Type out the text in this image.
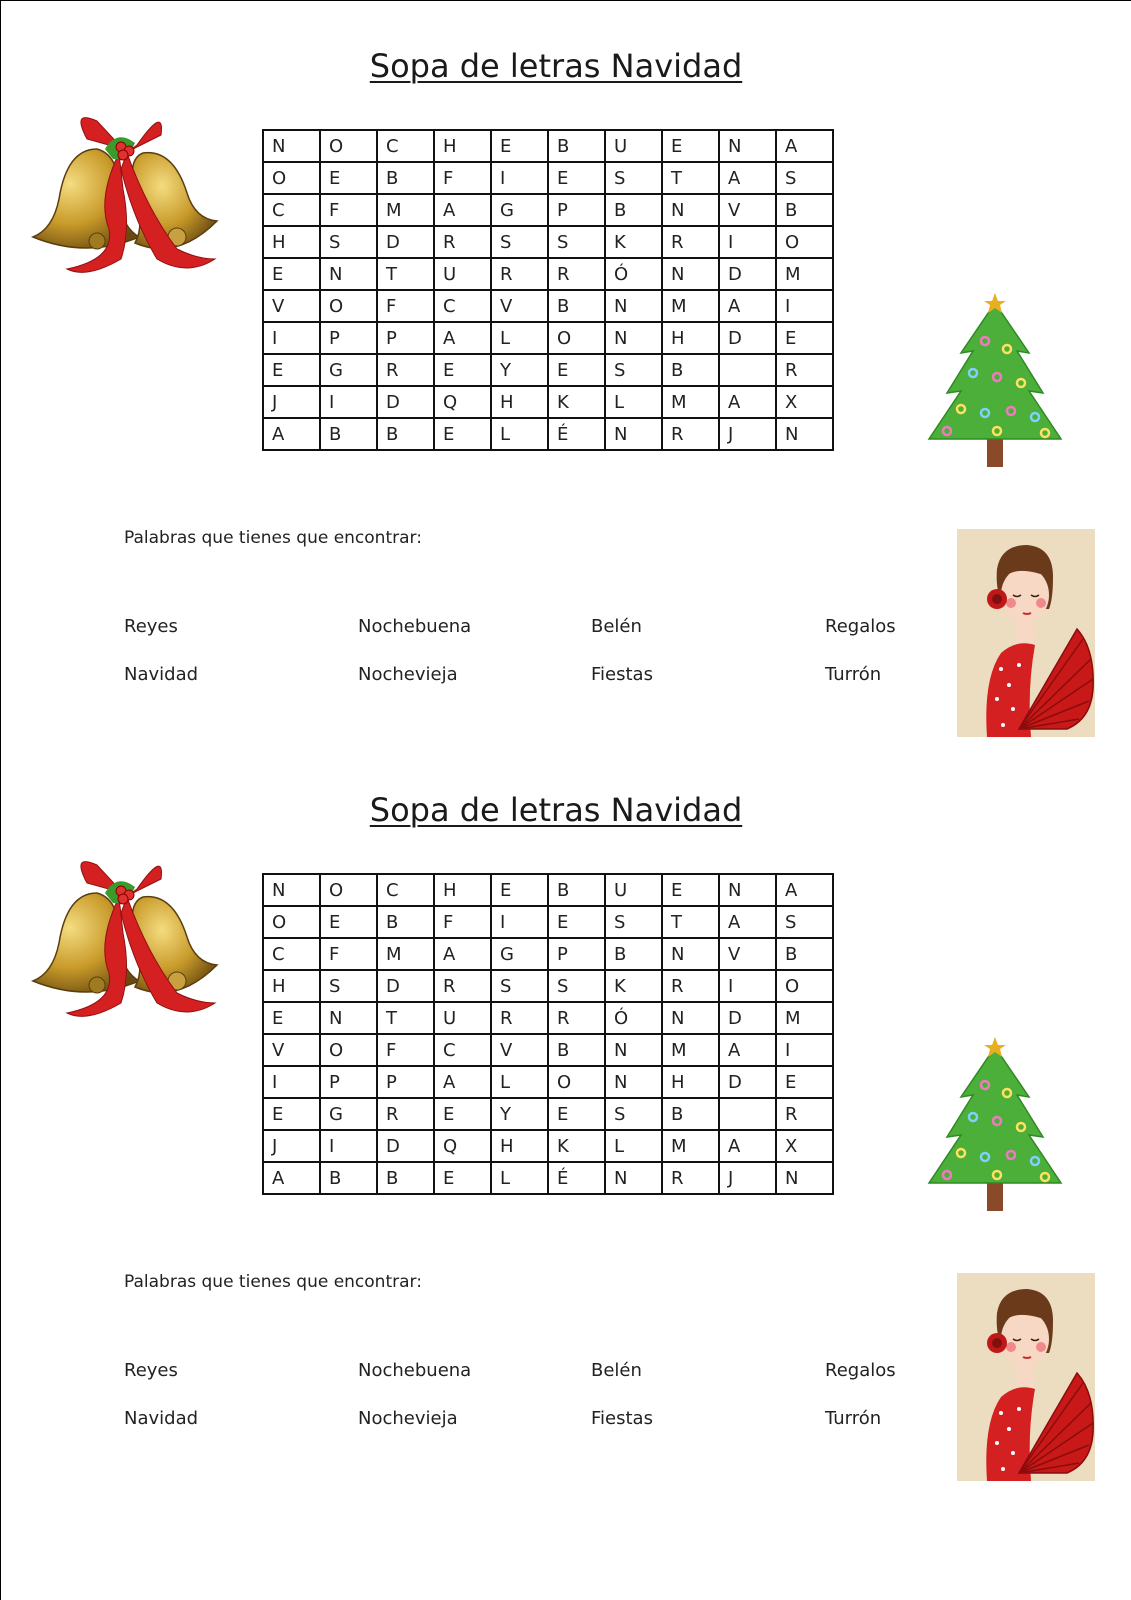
Sopa de letras Navidad
N	O	C	H	E	B	U	E	N	A
O	E	B	F	I	E	S	T	A	S
C	F	M	A	G	P	B	N	V	B
H	S	D	R	S	S	K	R	I	O
E	N	T	U	R	R	Ó	N	D	M
V	O	F	C	V	B	N	M	A	I
I	P	P	A	L	O	N	H	D	E
E	G	R	E	Y	E	S	B		R
J	I	D	Q	H	K	L	M	A	X
A	B	B	E	L	É	N	R	J	N
Palabras que tienes que encontrar:
Reyes	Nochebuena	Belén	Regalos
Navidad	Nochevieja	Fiestas	Turrón
Sopa de letras Navidad
N	O	C	H	E	B	U	E	N	A
O	E	B	F	I	E	S	T	A	S
C	F	M	A	G	P	B	N	V	B
H	S	D	R	S	S	K	R	I	O
E	N	T	U	R	R	Ó	N	D	M
V	O	F	C	V	B	N	M	A	I
I	P	P	A	L	O	N	H	D	E
E	G	R	E	Y	E	S	B		R
J	I	D	Q	H	K	L	M	A	X
A	B	B	E	L	É	N	R	J	N
Palabras que tienes que encontrar:
Reyes	Nochebuena	Belén	Regalos
Navidad	Nochevieja	Fiestas	Turrón
